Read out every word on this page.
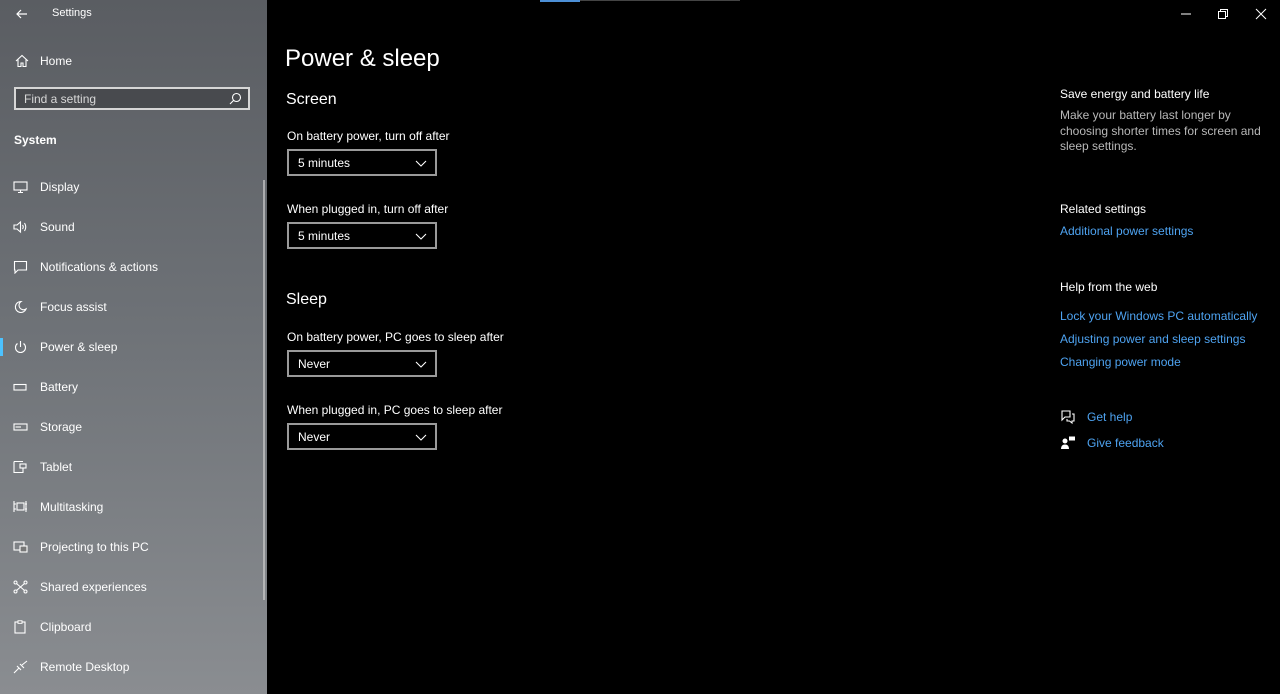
Settings
Home
Find a setting
System
Display
Sound
Notifications & actions
Focus assist
Power & sleep
Battery
Storage
Tablet
Multitasking
Projecting to this PC
Shared experiences
Clipboard
Remote Desktop
Power & sleep
Screen
On battery power, turn off after
5 minutes
When plugged in, turn off after
5 minutes
Sleep
On battery power, PC goes to sleep after
Never
When plugged in, PC goes to sleep after
Never
Save energy and battery life
Make your battery last longer by choosing shorter times for screen and sleep settings.
Related settings
Additional power settings
Help from the web
Lock your Windows PC automatically
Adjusting power and sleep settings
Changing power mode
Get help
Give feedback
